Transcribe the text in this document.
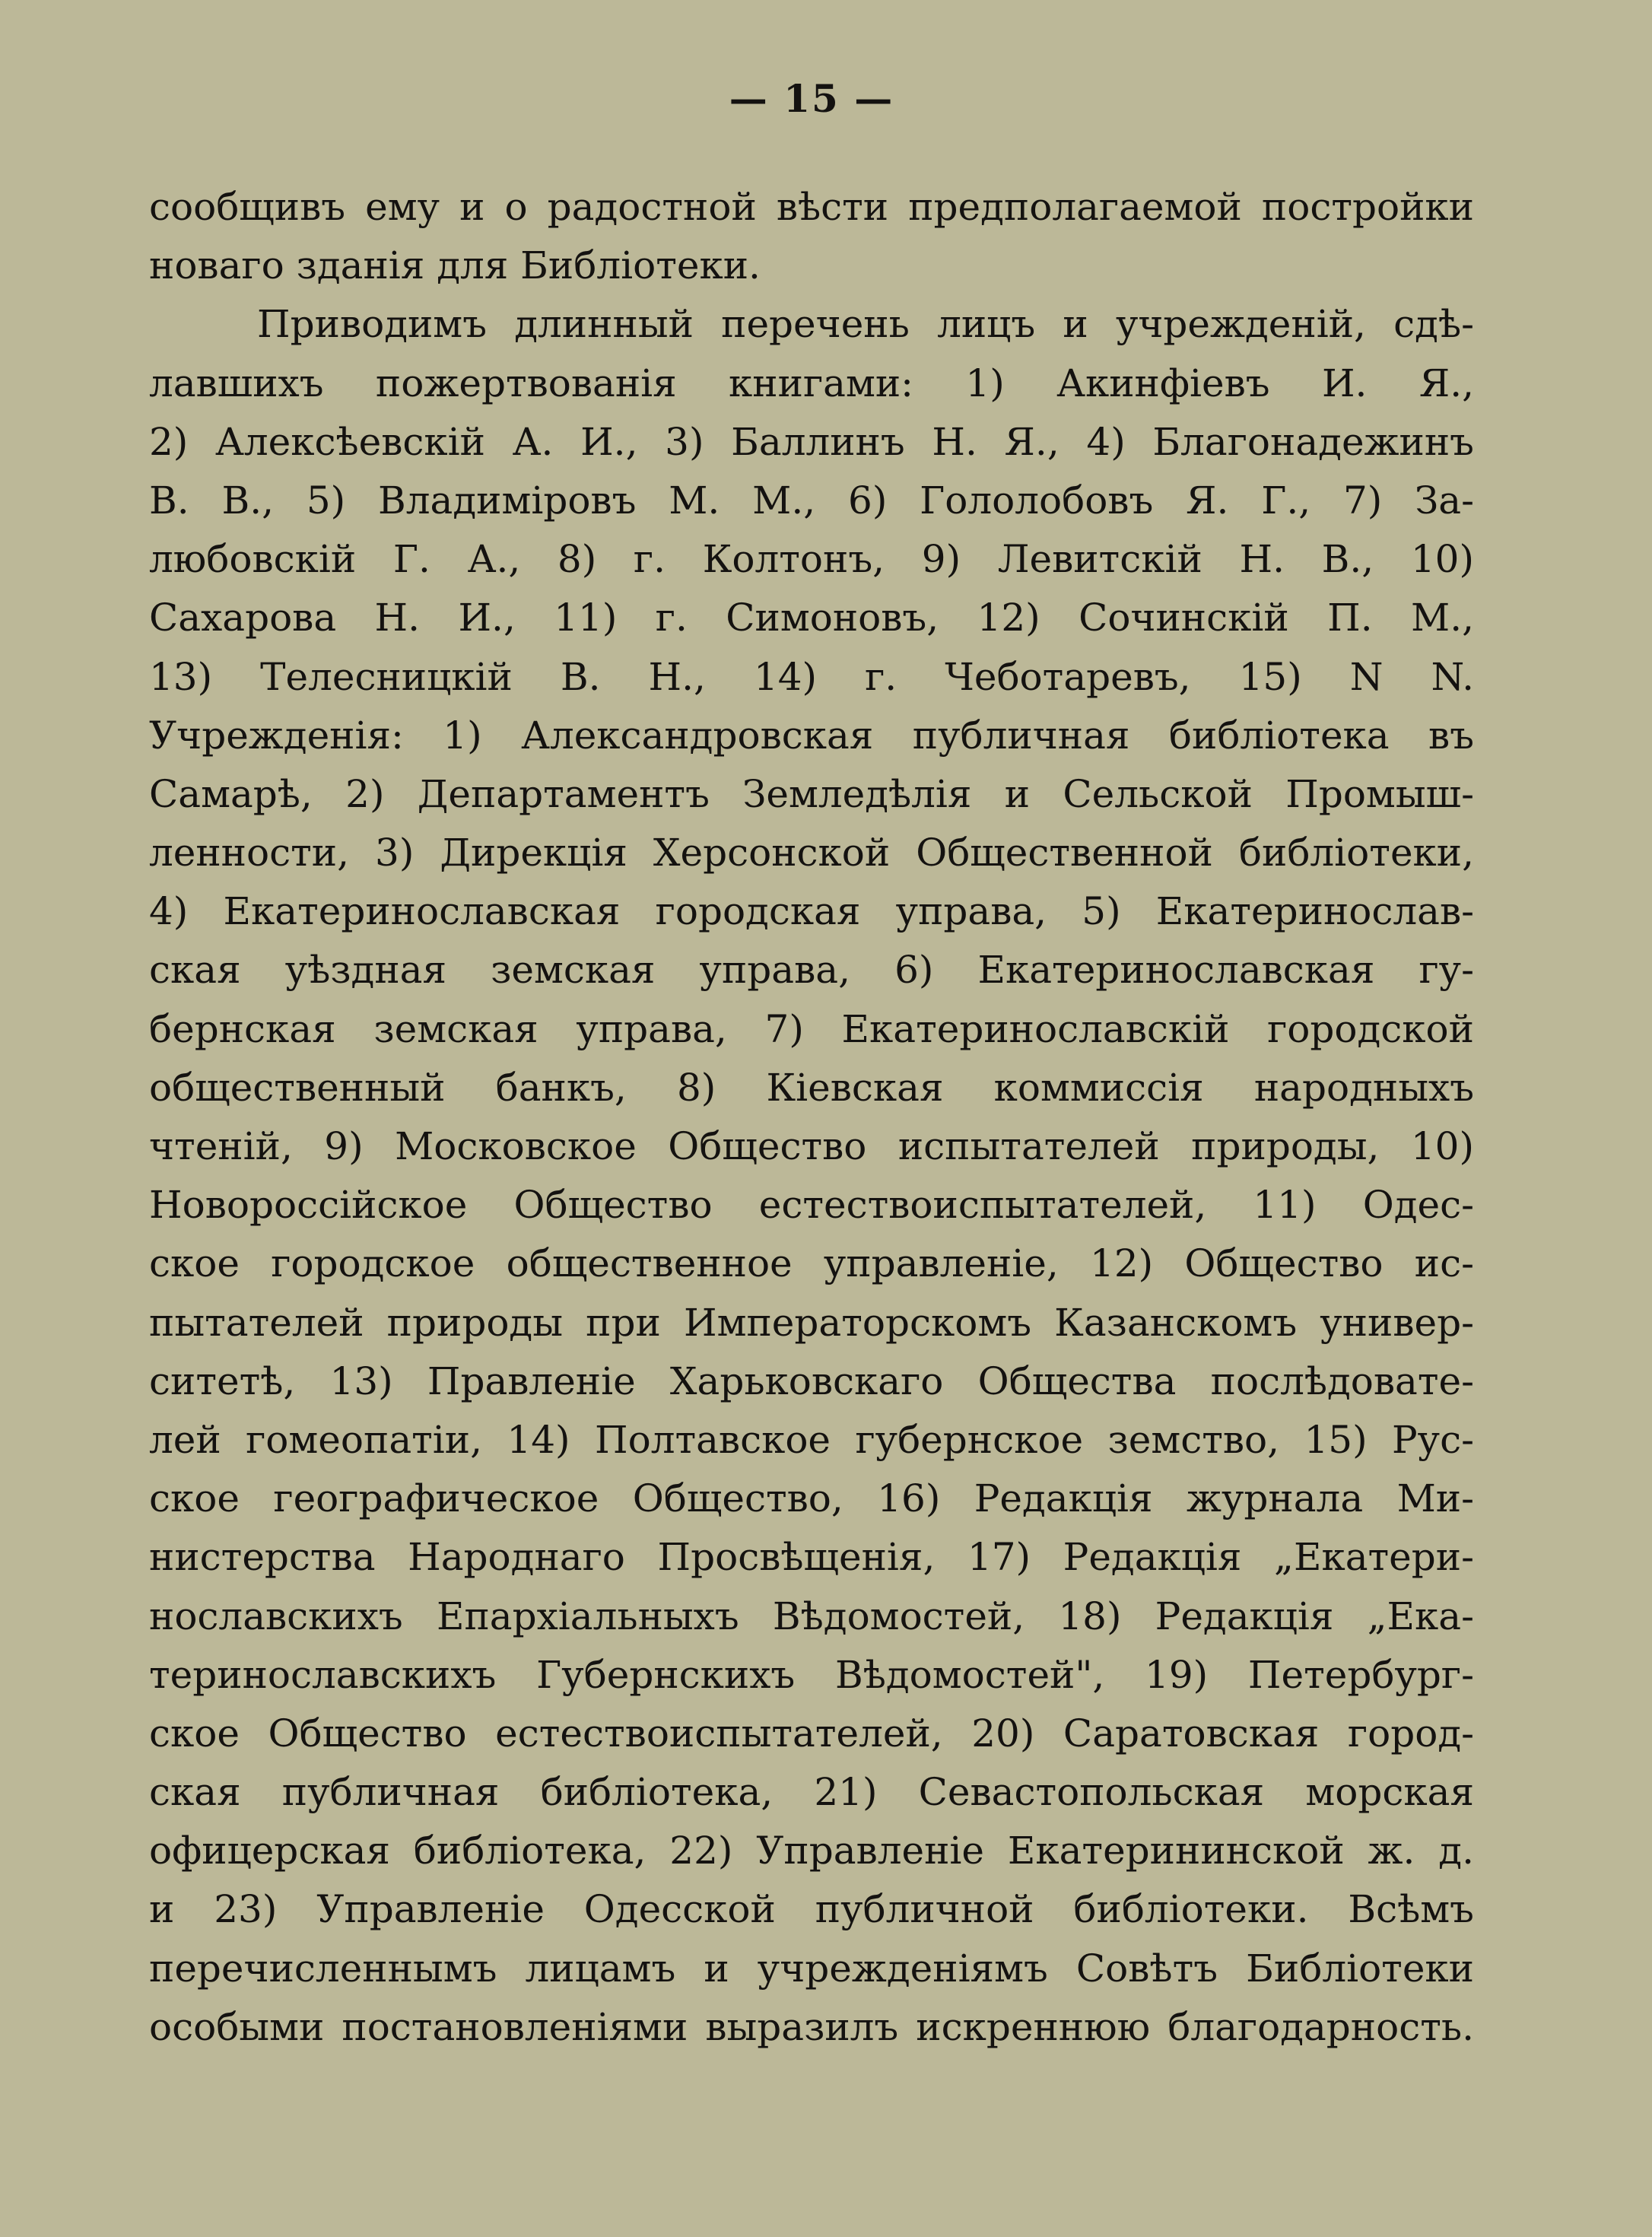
— 15 —
сообщивъ ему и о радостной вѣсти предполагаемой постройки
новаго зданія для Библіотеки.
Приводимъ длинный перечень лицъ и учрежденій, сдѣ-
лавшихъ пожертвованія книгами: 1) Акинфіевъ И. Я.,
2) Алексѣевскій А. И., 3) Баллинъ Н. Я., 4) Благонадежинъ
В. В., 5) Владиміровъ М. М., 6) Гололобовъ Я. Г., 7) За-
любовскій Г. А., 8) г. Колтонъ, 9) Левитскій Н. В., 10)
Сахарова Н. И., 11) г. Симоновъ, 12) Сочинскій П. М.,
13) Телесницкій В. Н., 14) г. Чеботаревъ, 15) N N.
Учрежденія: 1) Александровская публичная библіотека въ
Самарѣ, 2) Департаментъ Земледѣлія и Сельской Промыш-
ленности, 3) Дирекція Херсонской Общественной библіотеки,
4) Екатеринославская городская управа, 5) Екатеринослав-
ская уѣздная земская управа, 6) Екатеринославская гу-
бернская земская управа, 7) Екатеринославскій городской
общественный банкъ, 8) Кіевская коммиссія народныхъ
чтеній, 9) Московское Общество испытателей природы, 10)
Новороссійское Общество естествоиспытателей, 11) Одес-
ское городское общественное управленіе, 12) Общество ис-
пытателей природы при Императорскомъ Казанскомъ универ-
ситетѣ, 13) Правленіе Харьковскаго Общества послѣдовате-
лей гомеопатіи, 14) Полтавское губернское земство, 15) Рус-
ское географическое Общество, 16) Редакція журнала Ми-
нистерства Народнаго Просвѣщенія, 17) Редакція „Екатери-
нославскихъ Епархіальныхъ Вѣдомостей, 18) Редакція „Ека-
теринославскихъ Губернскихъ Вѣдомостей", 19) Петербург-
ское Общество естествоиспытателей, 20) Саратовская город-
ская публичная библіотека, 21) Севастопольская морская
офицерская библіотека, 22) Управленіе Екатерининской ж. д.
и 23) Управленіе Одесской публичной библіотеки. Всѣмъ
перечисленнымъ лицамъ и учрежденіямъ Совѣтъ Библіотеки
особыми постановленіями выразилъ искреннюю благодарность.
